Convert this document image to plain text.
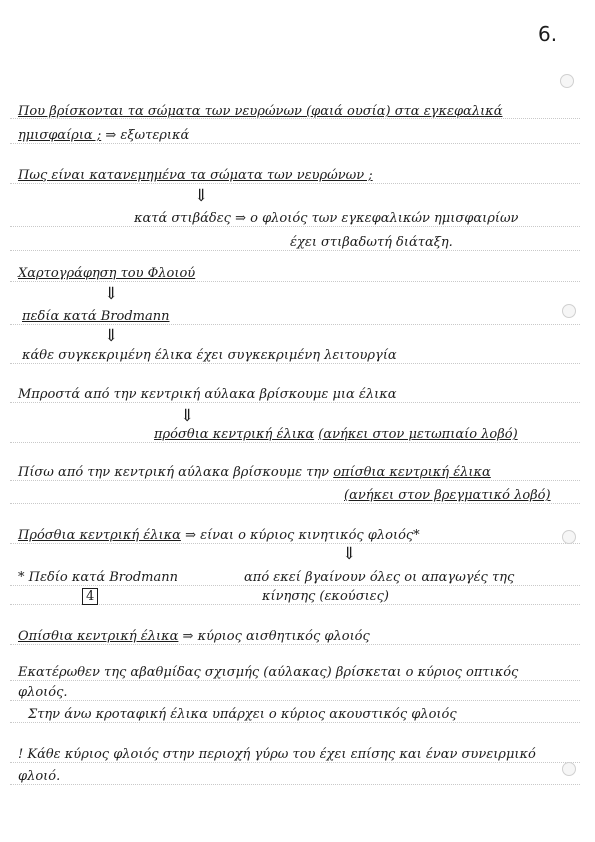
6.
Που βρίσκονται τα σώματα των νευρώνων (φαιά ουσία) στα εγκεφαλικά
ημισφαίρια ; ⇒ εξωτερικά
Πως είναι κατανεμημένα τα σώματα των νευρώνων ;
⇓
κατά στιβάδες ⇒ ο φλοιός των εγκεφαλικών ημισφαιρίων
έχει στιβαδωτή διάταξη.
Χαρτογράφηση του Φλοιού
⇓
πεδία κατά Brodmann
⇓
κάθε συγκεκριμένη έλικα έχει συγκεκριμένη λειτουργία
Μπροστά από την κεντρική αύλακα βρίσκουμε μια έλικα
⇓
πρόσθια κεντρική έλικα (ανήκει στον μετωπιαίο λοβό)
Πίσω από την κεντρική αύλακα βρίσκουμε την οπίσθια κεντρική έλικα
(ανήκει στον βρεγματικό λοβό)
Πρόσθια κεντρική έλικα ⇒ είναι ο κύριος κινητικός φλοιός*
⇓
* Πεδίο κατά Brodmann
4
από εκεί βγαίνουν όλες οι απαγωγές της
κίνησης (εκούσιες)
Οπίσθια κεντρική έλικα ⇒ κύριος αισθητικός φλοιός
Εκατέρωθεν της αβαθμίδας σχισμής (αύλακας) βρίσκεται ο κύριος οπτικός
φλοιός.
Στην άνω κροταφική έλικα υπάρχει ο κύριος ακουστικός φλοιός
! Κάθε κύριος φλοιός στην περιοχή γύρω του έχει επίσης και έναν συνειρμικό
φλοιό.
